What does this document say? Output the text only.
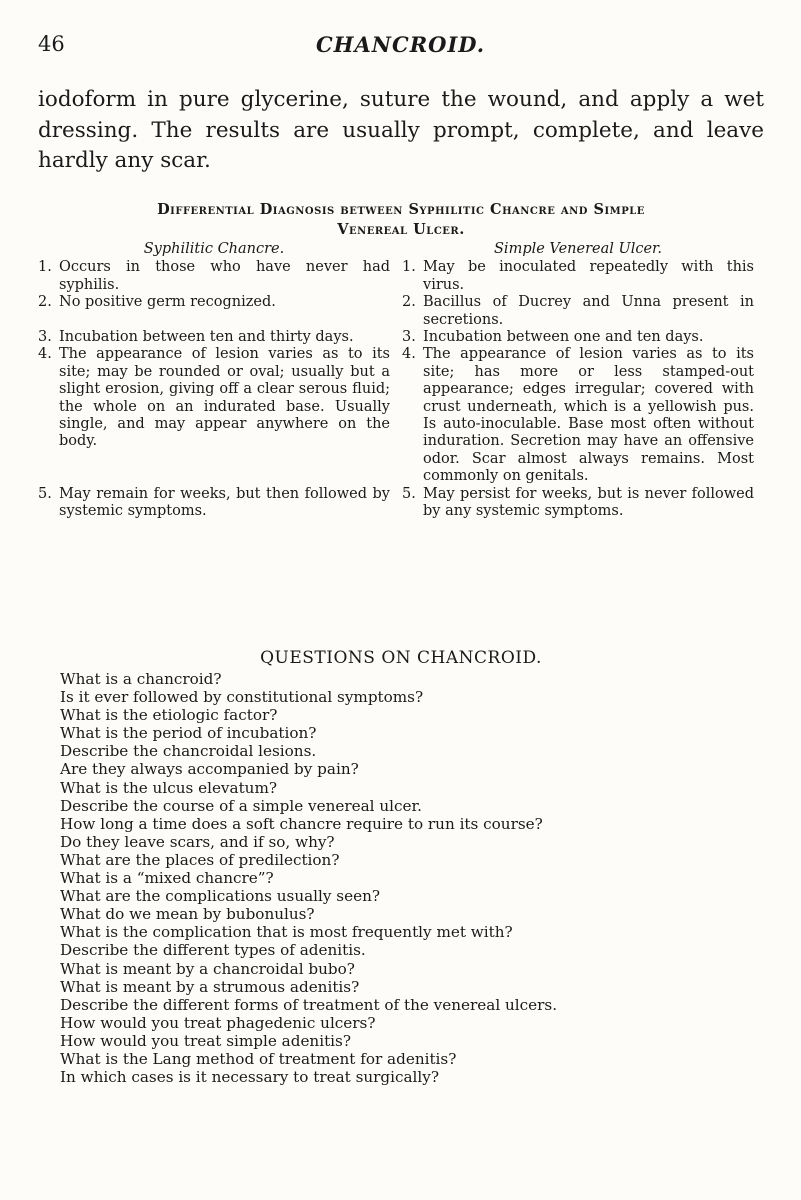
46	CHANCROID.

iodoform in pure glycerine, suture the wound, and apply a wet dressing. The results are usually prompt, complete, and leave hardly any scar.

Differential Diagnosis between Syphilitic Chancre and Simple
Venereal Ulcer.
Syphilitic Chancre.
1. Occurs in those who have never had syphilis.
2. No positive germ recognized.
3. Incubation between ten and thirty days.
4. The appearance of lesion varies as to its site; may be rounded or oval; usually but a slight erosion, giving off a clear serous fluid; the whole on an indurated base. Usually single, and may appear anywhere on the body.
5. May remain for weeks, but then followed by systemic symptoms.
Simple Venereal Ulcer.
1. May be inoculated repeatedly with this virus.
2. Bacillus of Ducrey and Unna present in secretions.
3. Incubation between one and ten days.
4. The appearance of lesion varies as to its site; has more or less stamped-out appearance; edges irregular; covered with crust underneath, which is a yellowish pus. Is auto-inoculable. Base most often without induration. Secretion may have an offensive odor. Scar almost always remains. Most commonly on genitals.
5. May persist for weeks, but is never followed by any systemic symptoms.
QUESTIONS ON CHANCROID.
What is a chancroid?
Is it ever followed by constitutional symptoms?
What is the etiologic factor?
What is the period of incubation?
Describe the chancroidal lesions.
Are they always accompanied by pain?
What is the ulcus elevatum?
Describe the course of a simple venereal ulcer.
How long a time does a soft chancre require to run its course?
Do they leave scars, and if so, why?
What are the places of predilection?
What is a “mixed chancre”?
What are the complications usually seen?
What do we mean by bubonulus?
What is the complication that is most frequently met with?
Describe the different types of adenitis.
What is meant by a chancroidal bubo?
What is meant by a strumous adenitis?
Describe the different forms of treatment of the venereal ulcers.
How would you treat phagedenic ulcers?
How would you treat simple adenitis?
What is the Lang method of treatment for adenitis?
In which cases is it necessary to treat surgically?
